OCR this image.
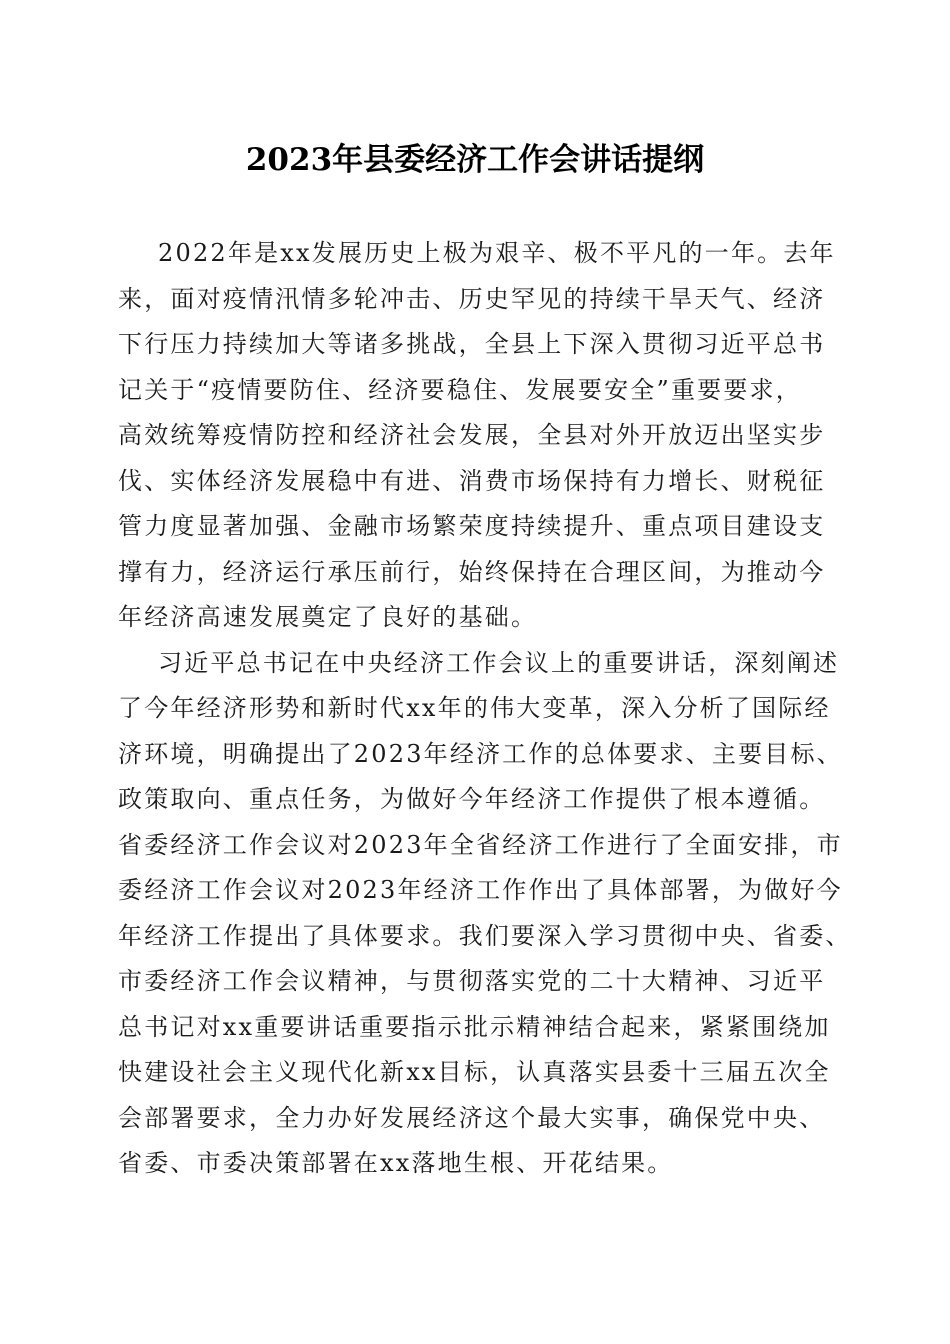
2023年县委经济工作会讲话提纲
2022年是xx发展历史上极为艰辛、极不平凡的一年。去年
来，面对疫情汛情多轮冲击、历史罕见的持续干旱天气、经济
下行压力持续加大等诸多挑战，全县上下深入贯彻习近平总书
记关于“疫情要防住、经济要稳住、发展要安全”重要要求，
高效统筹疫情防控和经济社会发展，全县对外开放迈出坚实步
伐、实体经济发展稳中有进、消费市场保持有力增长、财税征
管力度显著加强、金融市场繁荣度持续提升、重点项目建设支
撑有力，经济运行承压前行，始终保持在合理区间，为推动今
年经济高速发展奠定了良好的基础。
习近平总书记在中央经济工作会议上的重要讲话，深刻阐述
了今年经济形势和新时代xx年的伟大变革，深入分析了国际经
济环境，明确提出了2023年经济工作的总体要求、主要目标、
政策取向、重点任务，为做好今年经济工作提供了根本遵循。
省委经济工作会议对2023年全省经济工作进行了全面安排，市
委经济工作会议对2023年经济工作作出了具体部署，为做好今
年经济工作提出了具体要求。我们要深入学习贯彻中央、省委、
市委经济工作会议精神，与贯彻落实党的二十大精神、习近平
总书记对xx重要讲话重要指示批示精神结合起来，紧紧围绕加
快建设社会主义现代化新xx目标，认真落实县委十三届五次全
会部署要求，全力办好发展经济这个最大实事，确保党中央、
省委、市委决策部署在xx落地生根、开花结果。
